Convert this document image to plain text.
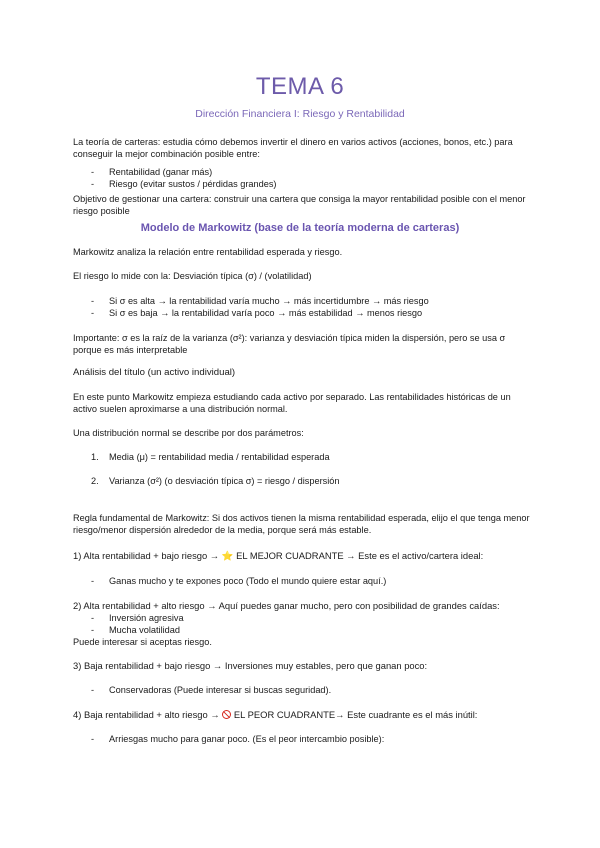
TEMA 6
Dirección Financiera I: Riesgo y Rentabilidad
La teoría de carteras: estudia cómo debemos invertir el dinero en varios activos (acciones, bonos, etc.) para
conseguir la mejor combinación posible entre:
- Rentabilidad (ganar más)
- Riesgo (evitar sustos / pérdidas grandes)
Objetivo de gestionar una cartera: construir una cartera que consiga la mayor rentabilidad posible con el menor
riesgo posible
Modelo de Markowitz (base de la teoría moderna de carteras)
Markowitz analiza la relación entre rentabilidad esperada y riesgo.
El riesgo lo mide con la: Desviación típica (σ) / (volatilidad)
- Si σ es alta → la rentabilidad varía mucho → más incertidumbre → más riesgo
- Si σ es baja → la rentabilidad varía poco → más estabilidad → menos riesgo
Importante: σ es la raíz de la varianza (σ²): varianza y desviación típica miden la dispersión, pero se usa σ
porque es más interpretable
Análisis del título (un activo individual)
En este punto Markowitz empieza estudiando cada activo por separado. Las rentabilidades históricas de un
activo suelen aproximarse a una distribución normal.
Una distribución normal se describe por dos parámetros:
1. Media (μ) = rentabilidad media / rentabilidad esperada
2. Varianza (σ²) (o desviación típica σ) = riesgo / dispersión
Regla fundamental de Markowitz: Si dos activos tienen la misma rentabilidad esperada, elijo el que tenga menor
riesgo/menor dispersión alrededor de la media, porque será más estable.
1) Alta rentabilidad + bajo riesgo → ⭐ EL MEJOR CUADRANTE → Este es el activo/cartera ideal:
- Ganas mucho y te expones poco (Todo el mundo quiere estar aquí.)
2) Alta rentabilidad + alto riesgo → Aquí puedes ganar mucho, pero con posibilidad de grandes caídas:
- Inversión agresiva
- Mucha volatilidad
Puede interesar si aceptas riesgo.
3) Baja rentabilidad + bajo riesgo → Inversiones muy estables, pero que ganan poco:
- Conservadoras (Puede interesar si buscas seguridad).
4) Baja rentabilidad + alto riesgo → EL PEOR CUADRANTE→ Este cuadrante es el más inútil:
- Arriesgas mucho para ganar poco. (Es el peor intercambio posible):
